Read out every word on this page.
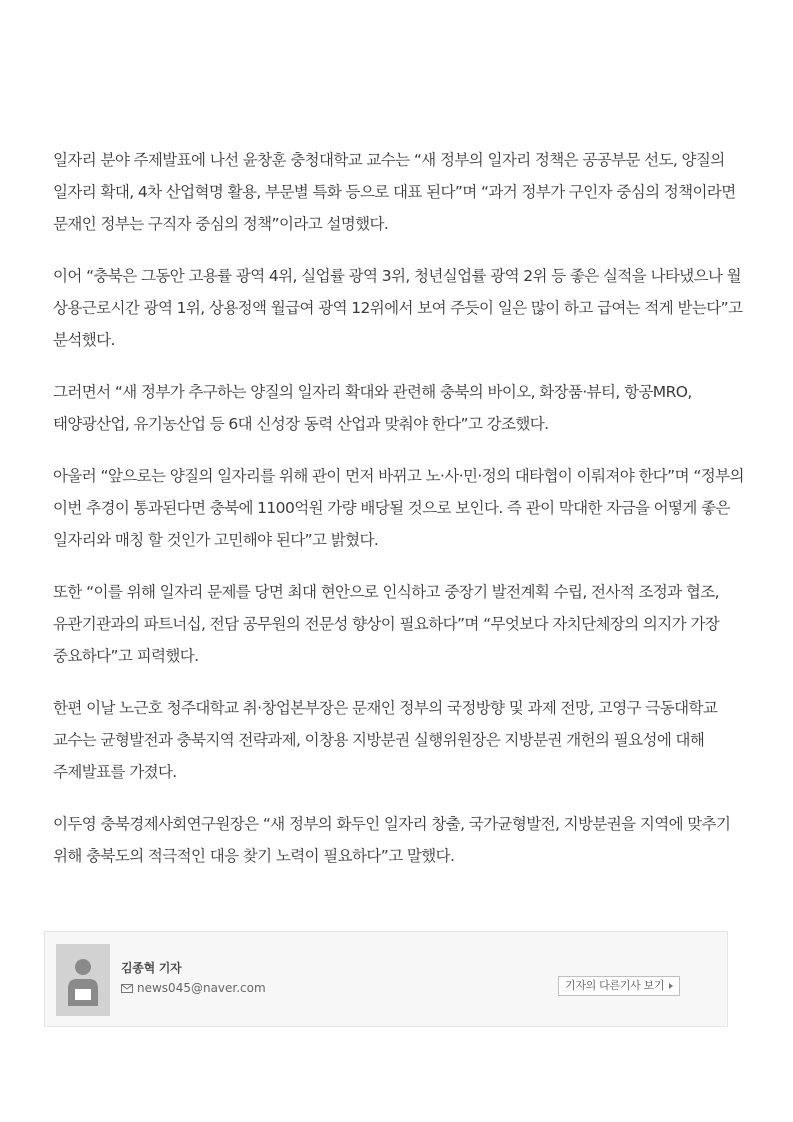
일자리 분야 주제발표에 나선 윤창훈 충청대학교 교수는 “새 정부의 일자리 정책은 공공부문 선도, 양질의 일자리 확대, 4차 산업혁명 활용, 부문별 특화 등으로 대표 된다”며 “과거 정부가 구인자 중심의 정책이라면 문재인 정부는 구직자 중심의 정책”이라고 설명했다.

이어 “충북은 그동안 고용률 광역 4위, 실업률 광역 3위, 청년실업률 광역 2위 등 좋은 실적을 나타냈으나 월 상용근로시간 광역 1위, 상용정액 월급여 광역 12위에서 보여 주듯이 일은 많이 하고 급여는 적게 받는다”고 분석했다.

그러면서 “새 정부가 추구하는 양질의 일자리 확대와 관련해 충북의 바이오, 화장품·뷰티, 항공MRO, 태양광산업, 유기농산업 등 6대 신성장 동력 산업과 맞춰야 한다”고 강조했다.

아울러 “앞으로는 양질의 일자리를 위해 관이 먼저 바뀌고 노·사·민·정의 대타협이 이뤄져야 한다”며 “정부의 이번 추경이 통과된다면 충북에 1100억원 가량 배당될 것으로 보인다. 즉 관이 막대한 자금을 어떻게 좋은 일자리와 매칭 할 것인가 고민해야 된다”고 밝혔다.

또한 “이를 위해 일자리 문제를 당면 최대 현안으로 인식하고 중장기 발전계획 수립, 전사적 조정과 협조, 유관기관과의 파트너십, 전담 공무원의 전문성 향상이 필요하다”며 “무엇보다 자치단체장의 의지가 가장 중요하다”고 피력했다.

한편 이날 노근호 청주대학교 취·창업본부장은 문재인 정부의 국정방향 및 과제 전망, 고영구 극동대학교 교수는 균형발전과 충북지역 전략과제, 이창용 지방분권 실행위원장은 지방분권 개헌의 필요성에 대해 주제발표를 가졌다.

이두영 충북경제사회연구원장은 “새 정부의 화두인 일자리 창출, 국가균형발전, 지방분권을 지역에 맞추기 위해 충북도의 적극적인 대응 찾기 노력이 필요하다”고 말했다.

김종혁 기자
news045@naver.com	기자의 다른기사 보기
